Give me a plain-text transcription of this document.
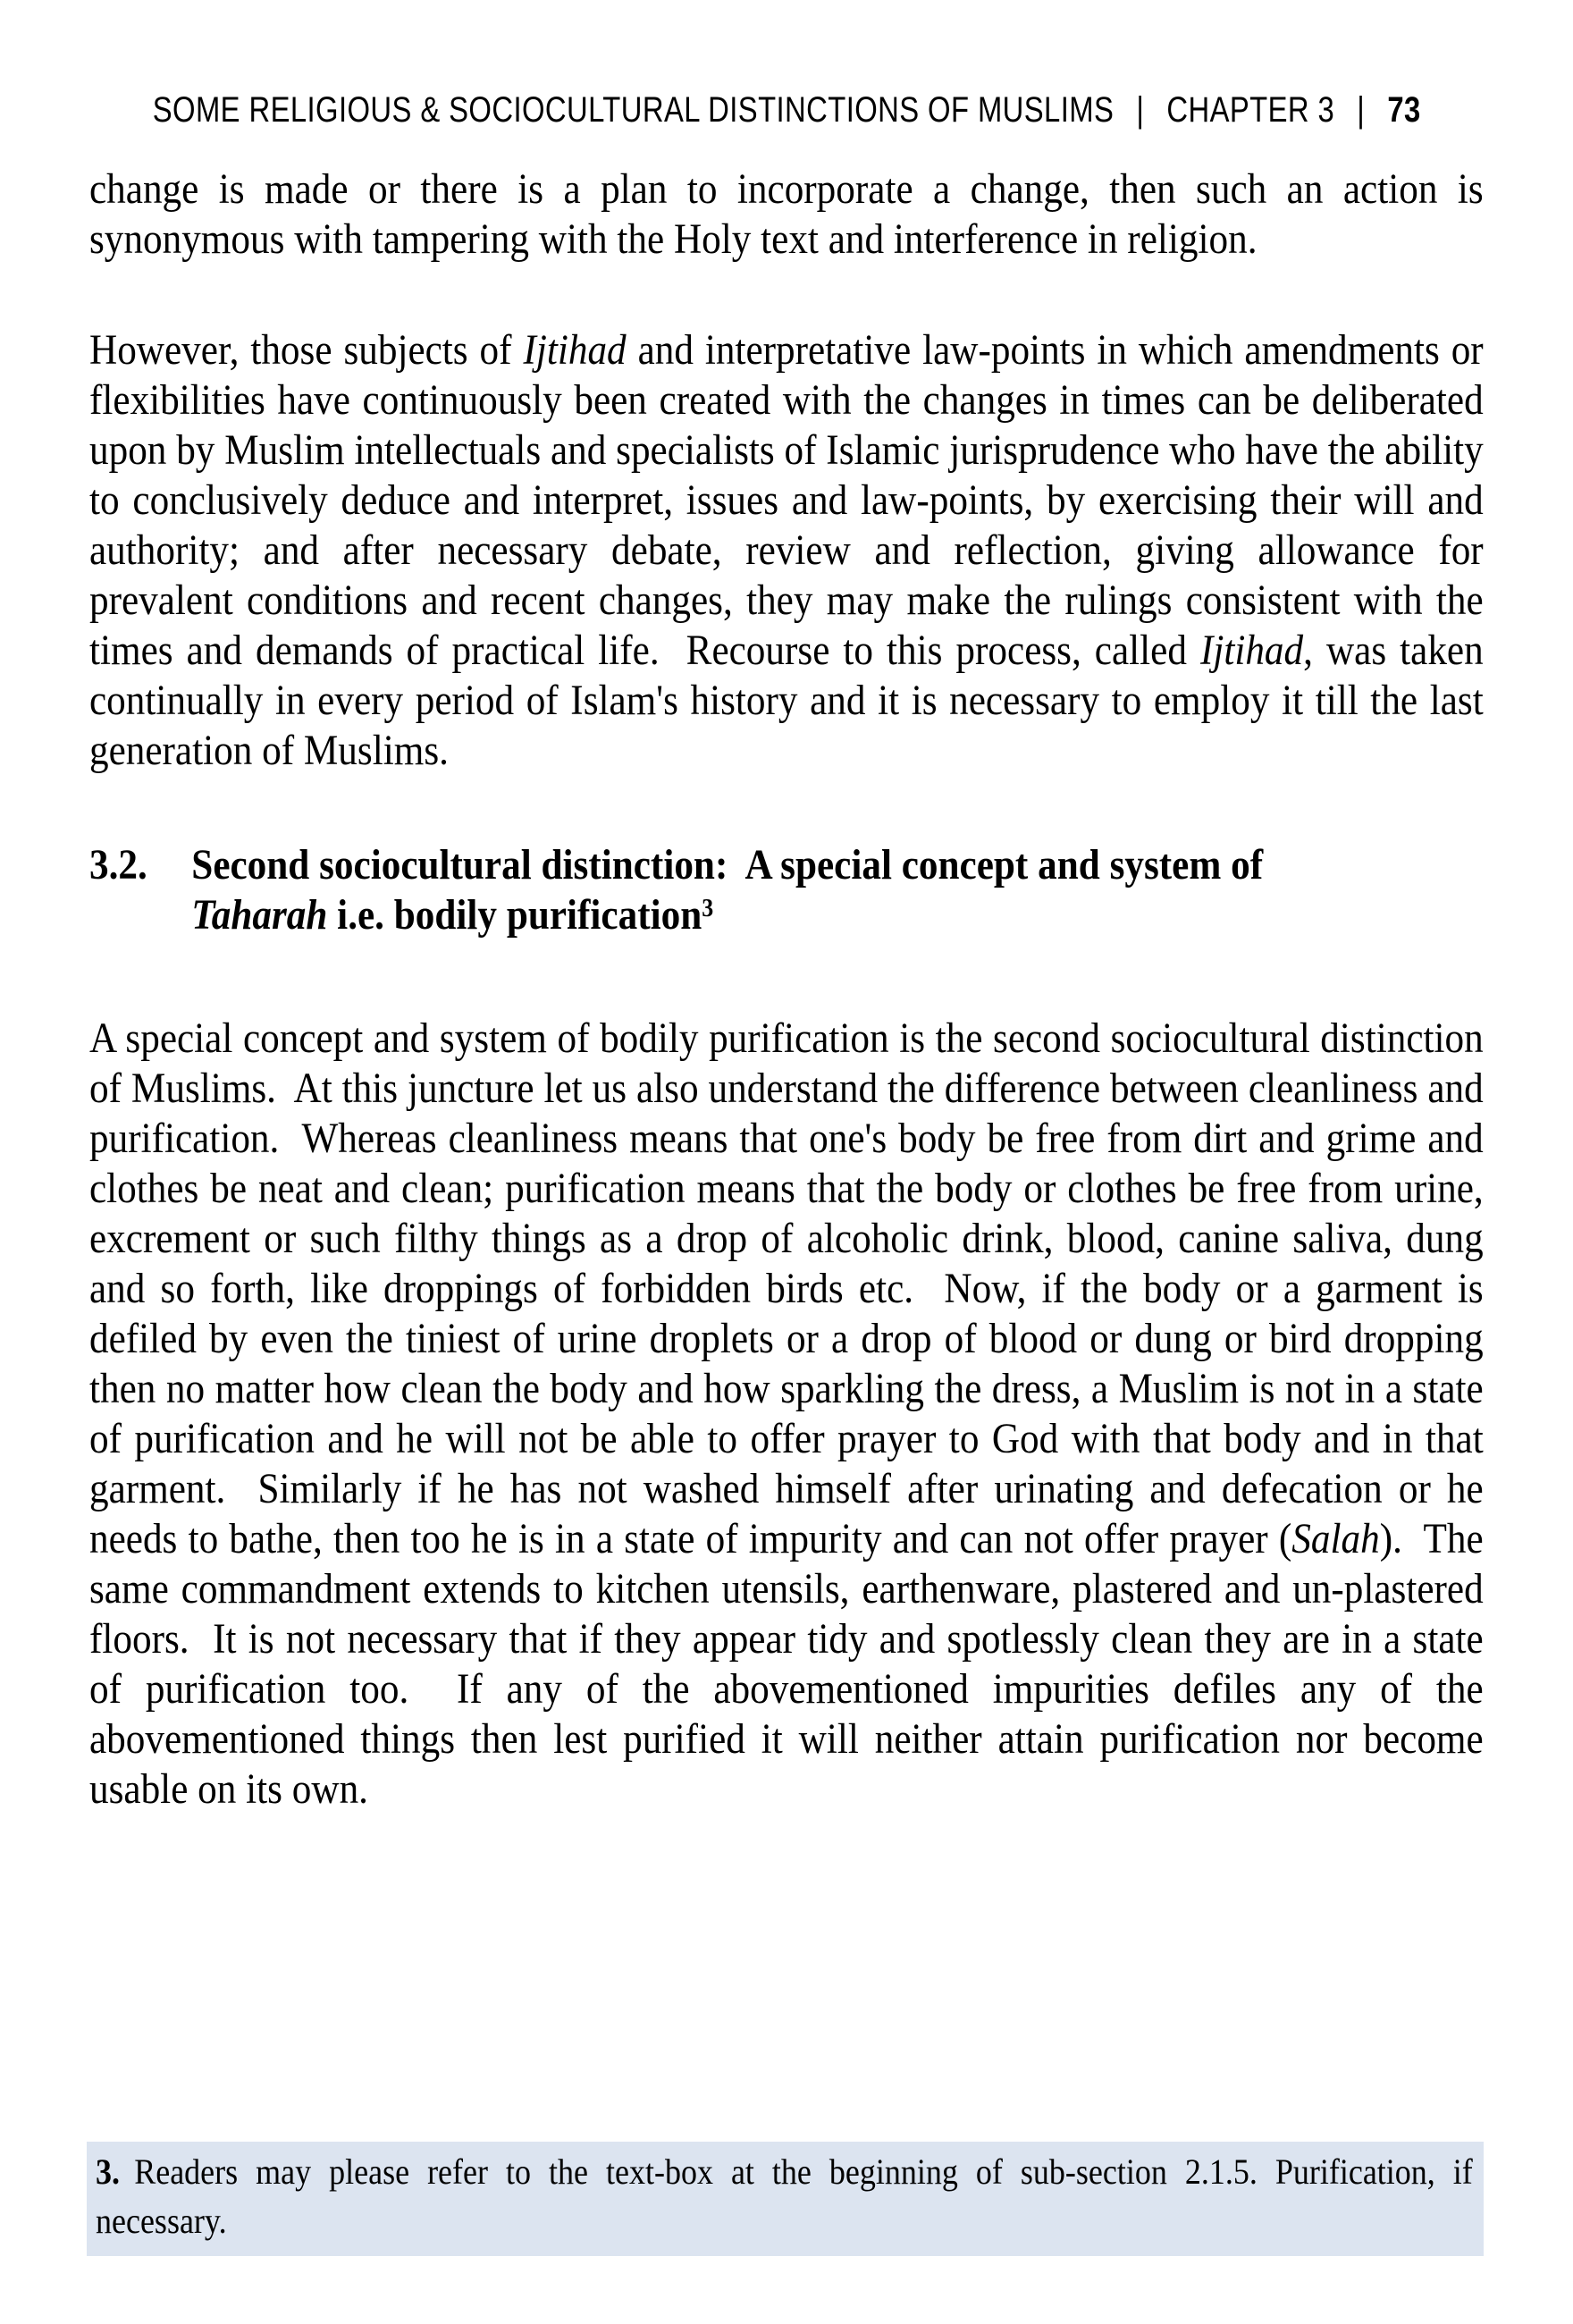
SOME RELIGIOUS & SOCIOCULTURAL DISTINCTIONS OF MUSLIMS | CHAPTER 3 | 73

change is made or there is a plan to incorporate a change, then such an action is synonymous with tampering with the Holy text and interference in religion.

However, those subjects of Ijtihad and interpretative law-points in which amendments or flexibilities have continuously been created with the changes in times can be deliberated upon by Muslim intellectuals and specialists of Islamic jurisprudence who have the ability to conclusively deduce and interpret, issues and law-points, by exercising their will and authority; and after necessary debate, review and reflection, giving allowance for prevalent conditions and recent changes, they may make the rulings consistent with the times and demands of practical life.  Recourse to this process, called Ijtihad, was taken continually in every period of Islam's history and it is necessary to employ it till the last generation of Muslims.

3.2.	Second sociocultural distinction:  A special concept and system of
Taharah i.e. bodily purification$^3$

A special concept and system of bodily purification is the second sociocultural distinction of Muslims.  At this juncture let us also understand the difference between cleanliness and purification.  Whereas cleanliness means that one's body be free from dirt and grime and clothes be neat and clean; purification means that the body or clothes be free from urine, excrement or such filthy things as a drop of alcoholic drink, blood, canine saliva, dung and so forth, like droppings of forbidden birds etc.  Now, if the body or a garment is defiled by even the tiniest of urine droplets or a drop of blood or dung or bird dropping then no matter how clean the body and how sparkling the dress, a Muslim is not in a state of purification and he will not be able to offer prayer to God with that body and in that garment.  Similarly if he has not washed himself after urinating and defecation or he needs to bathe, then too he is in a state of impurity and can not offer prayer (Salah).  The same commandment extends to kitchen utensils, earthenware, plastered and un-plastered floors.  It is not necessary that if they appear tidy and spotlessly clean they are in a state of purification too.  If any of the abovementioned impurities defiles any of the abovementioned things then lest purified it will neither attain purification nor become usable on its own.

3. Readers may please refer to the text-box at the beginning of sub-section 2.1.5. Purification, if necessary.
